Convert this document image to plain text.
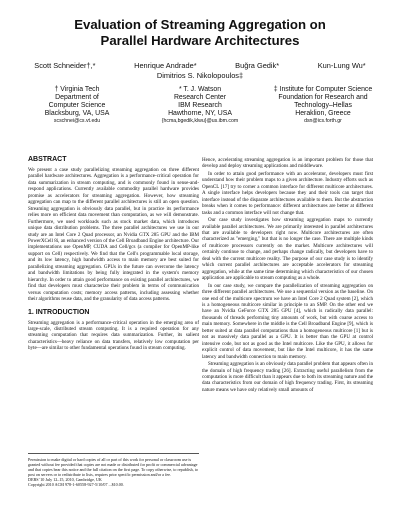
Evaluation of Streaming Aggregation on
Parallel Hardware Architectures
Scott Schneider†,*	Henrique Andrade*	Buğra Gedik*	Kun-Lung Wu*
Dimitrios S. Nikolopoulos‡
† Virginia Tech
Department of
Computer Science
Blacksburg, VA, USA
scschnei@cs.vt.edu
* T. J. Watson
Research Center
IBM Research
Hawthorne, NY, USA
{hcma,bgedik,klwu}@us.ibm.com
‡ Institute for Computer Science
Foundation for Research and
Technology–Hellas
Heraklion, Greece
dsn@ics.forth.gr
ABSTRACT

We present a case study parallelizing streaming aggregation on three different parallel hardware architectures. Aggregation is a performance-critical operation for data summarization in stream computing, and is commonly found in sense-and-respond applications. Currently available commodity parallel hardware provides promise as accelerators for streaming aggregation. However, how streaming aggregation can map to the different parallel architectures is still an open question. Streaming aggregation is obviously data parallel, but in practice its performance relies more on efficient data movement than computation, as we will demonstrate. Furthermore, we used workloads such as stock market data, which introduces unique data distribution problems. The three parallel architectures we use in our study are an Intel Core 2 Quad processor, an Nvidia GTX 285 GPU and the IBM PowerXCell 8i, an enhanced version of the Cell Broadband Engine architecture. Our implementations use OpenMP, CUDA and Cell/gcs (a compiler for OpenMP-like support on Cell) respectively. We find that the Cell's programmable local storage, and its low latency, high bandwidth access to main memory are best suited for parallelizing streaming aggregation. GPUs in the future can overcome the latency and bandwidth limitations by being fully integrated in the system's memory hierarchy. In order to attain good performance on existing parallel architectures, we find that developers must characterize their problem in terms of communication versus computation costs; memory access patterns, including assessing whether their algorithms reuse data, and the granularity of data access patterns.

1. INTRODUCTION

Streaming aggregation is a performance-critical operation in the emerging area of large-scale, distributed stream computing. It is a required operation for any streaming computation that requires data summarization. Further, its salient characteristics—heavy reliance on data transfers, relatively low computation per byte—are similar to other fundamental operations found in stream computing.

Permission to make digital or hard copies of all or part of this work for personal or classroom use is granted without fee provided that copies are not made or distributed for profit or commercial advantage and that copies bear this notice and the full citation on the first page. To copy otherwise, to republish, to post on servers or to redistribute to lists, requires prior specific permission and/or a fee.
DEBS '10 July 12–15, 2010, Cambridge, UK
Copyright 2010 ACM 978-1-60558-927-5/10/07 ...$10.00.

Hence, accelerating streaming aggregation is an important problem for those that develop and deploy streaming applications and middleware.

In order to attain good performance with an accelerator, developers must first understand how their problem maps to a given architecture. Industry efforts such as OpenCL [17] try to corner a common interface for different multicore architectures. A single interface helps developers because they and their tools can target that interface instead of the disparate architectures available to them. But the abstraction breaks when it comes to performance: different architectures are better at different tasks and a common interface will not change that.

Our case study investigates how streaming aggregation maps to currently available parallel architectures. We are primarily interested in parallel architectures that are available to developers right now. Multicore architectures are often characterized as "emerging," but that is no longer the case. There are multiple kinds of multicore processors currently on the market. Multicore architectures will certainly continue to change, and perhaps change radically, but developers have to deal with the current multicore reality. The purpose of our case study is to identify which current parallel architectures are acceptable accelerators for streaming aggregation, while at the same time determining which characteristics of our chosen application are applicable to stream computing as a whole.

In our case study, we compare the parallelization of streaming aggregation on three different parallel architectures. We use a sequential version as the baseline. On one end of the multicore spectrum we have an Intel Core 2 Quad system [2], which is a homogeneous multicore similar in principle to an SMP. On the other end we have an Nvidia GeForce GTX 285 GPU [4], which is radically data parallel: thousands of threads performing tiny amounts of work, but with coarse access to main memory. Somewhere in the middle is the Cell Broadband Engine [9], which is better suited at data parallel computations than a homogeneous multicore [1] but is not as massively data parallel as a GPU. It is better than the GPU at control intensive code, but not as good as the Intel multicore. Like the GPU, it allows for explicit control of data movement, but like the Intel multicore, it has the same latency and bandwidth connection to main memory.

Streaming aggregation is an obviously data parallel problem that appears often in the domain of high frequency trading [26]. Extracting useful parallelism from the computation is more difficult than it appears due to both its streaming nature and the data characteristics from our domain of high frequency trading. First, its streaming nature means we have only relatively small amounts of
